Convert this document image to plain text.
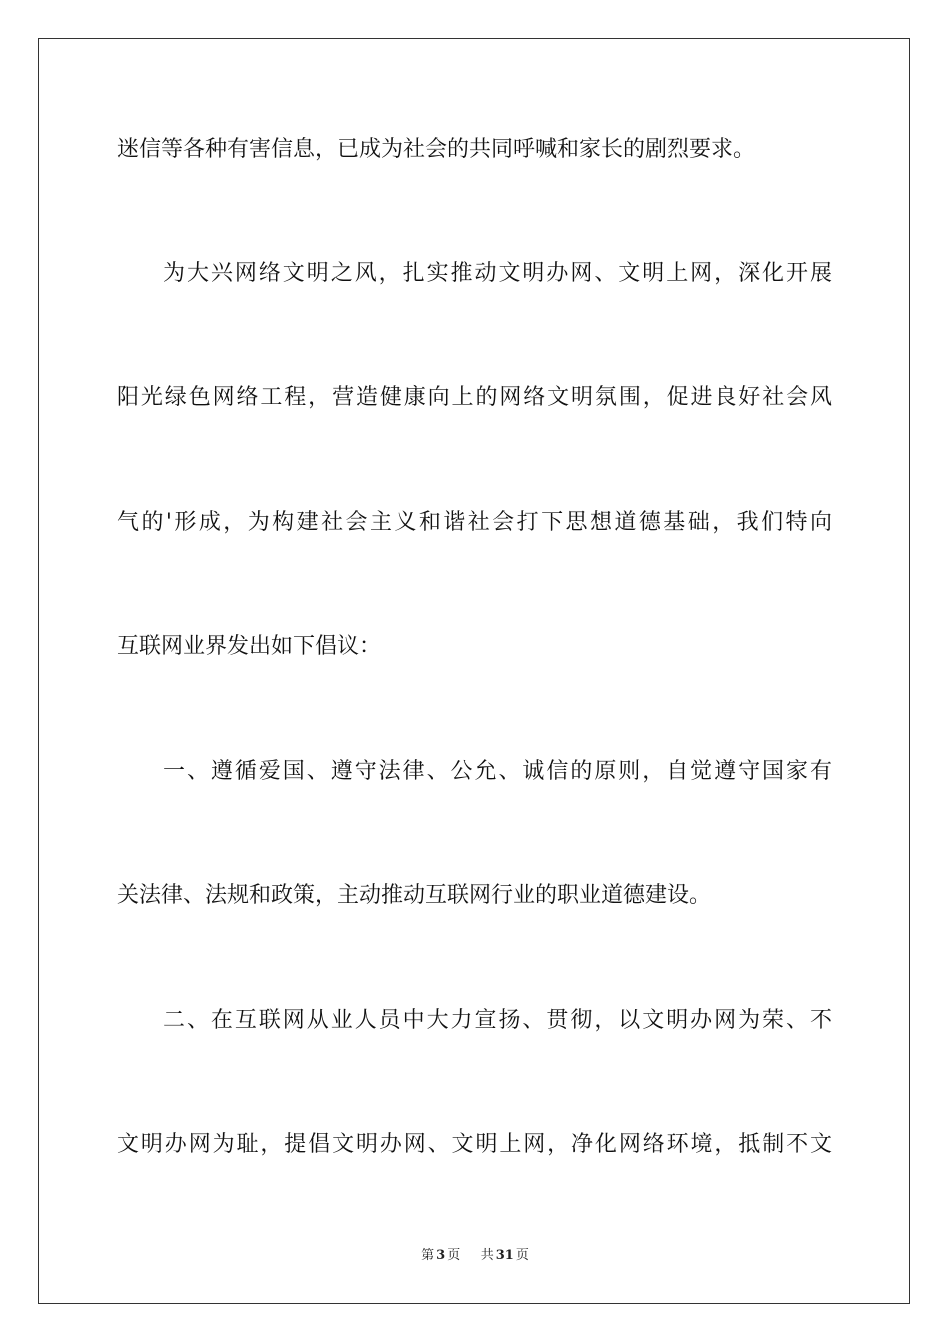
迷信等各种有害信息，已成为社会的共同呼喊和家长的剧烈要求。
为大兴网络文明之风，扎实推动文明办网、文明上网，深化开展
阳光绿色网络工程，营造健康向上的网络文明氛围，促进良好社会风
气的'形成，为构建社会主义和谐社会打下思想道德基础，我们特向
互联网业界发出如下倡议：
一、遵循爱国、遵守法律、公允、诚信的原则，自觉遵守国家有
关法律、法规和政策，主动推动互联网行业的职业道德建设。
二、在互联网从业人员中大力宣扬、贯彻，以文明办网为荣、不
文明办网为耻，提倡文明办网、文明上网，净化网络环境，抵制不文
第 3 页 共 31 页
